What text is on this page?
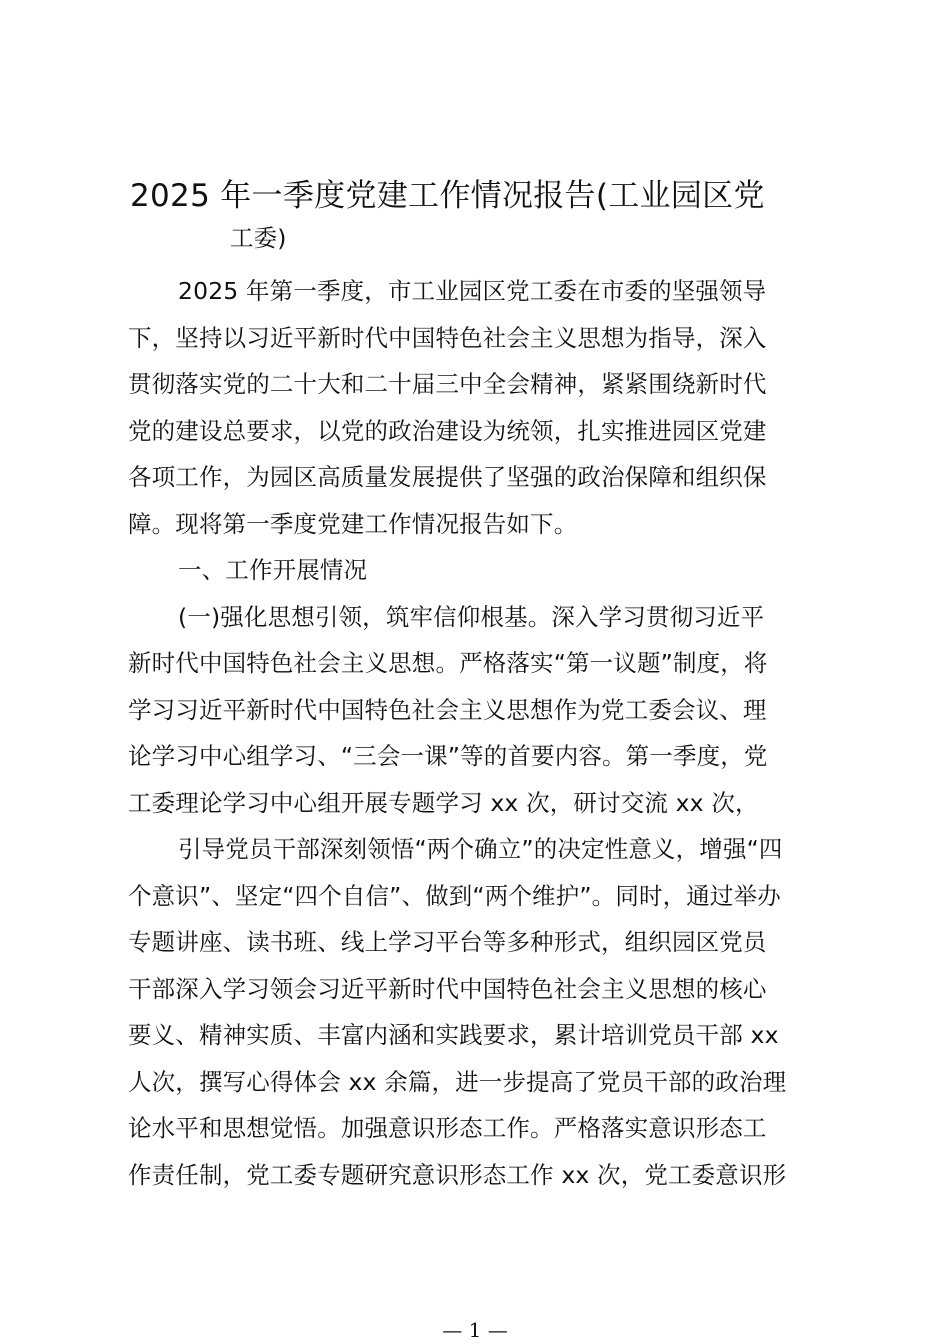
2025 年一季度党建工作情况报告(工业园区党
工委)
2025 年第一季度，市工业园区党工委在市委的坚强领导
下，坚持以习近平新时代中国特色社会主义思想为指导，深入
贯彻落实党的二十大和二十届三中全会精神，紧紧围绕新时代
党的建设总要求，以党的政治建设为统领，扎实推进园区党建
各项工作，为园区高质量发展提供了坚强的政治保障和组织保
障。现将第一季度党建工作情况报告如下。
一、工作开展情况
(一)强化思想引领，筑牢信仰根基。深入学习贯彻习近平
新时代中国特色社会主义思想。严格落实“第一议题”制度，将
学习习近平新时代中国特色社会主义思想作为党工委会议、理
论学习中心组学习、“三会一课”等的首要内容。第一季度，党
工委理论学习中心组开展专题学习 xx 次，研讨交流 xx 次，
引导党员干部深刻领悟“两个确立”的决定性意义，增强“四
个意识”、坚定“四个自信”、做到“两个维护”。同时，通过举办
专题讲座、读书班、线上学习平台等多种形式，组织园区党员
干部深入学习领会习近平新时代中国特色社会主义思想的核心
要义、精神实质、丰富内涵和实践要求，累计培训党员干部 xx
人次，撰写心得体会 xx 余篇，进一步提高了党员干部的政治理
论水平和思想觉悟。加强意识形态工作。严格落实意识形态工
作责任制，党工委专题研究意识形态工作 xx 次，党工委意识形
— 1 —
